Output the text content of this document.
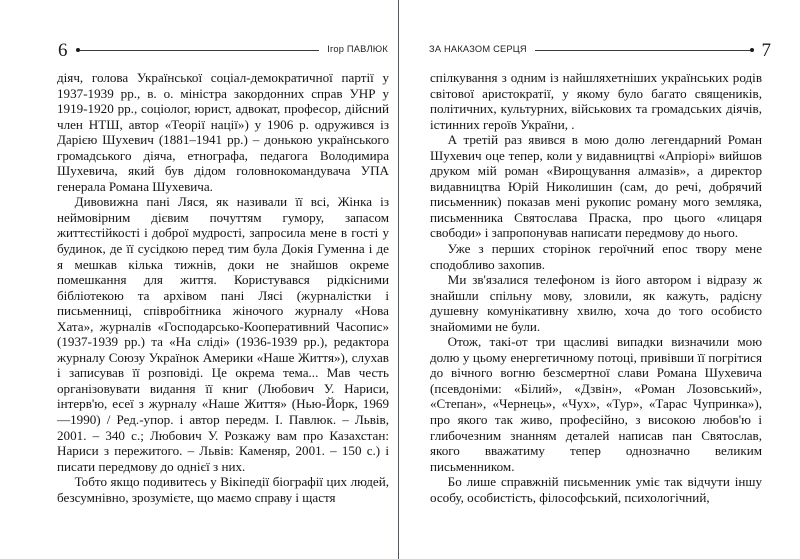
6	Ігор ПАВЛЮК

діяч, голова Української соціал-демократичної партії у 1937-1939 рр., в. о. міністра закордонних справ УНР у 1919-1920 рр., соціолог, юрист, адвокат, професор, дійсний член НТШ, автор «Теорії нації») у 1906 р. одружився із Дарією Шухевич (1881–1941 рр.) – донькою українського громадського діяча, етнографа, педагога Володимира Шухевича, який був дідом головнокомандувача УПА генерала Романа Шухевича.

Дивовижна пані Ляся, як називали її всі, Жінка із неймовірним дієвим почуттям гумору, запасом життєстійкості і доброї мудрості, запросила мене в гості у будинок, де її сусідкою перед тим була Докія Гуменна і де я мешкав кілька тижнів, доки не знайшов окреме помешкання для життя. Користувався рідкісними бібліотекою та архівом пані Лясі (журналістки і письменниці, співробітника жіночого журналу «Нова Хата», журналів «Господарсько-Кооперативний Часопис» (1937-1939 рр.) та «На сліді» (1936-1939 рр.), редактора журналу Союзу Українок Америки «Наше Життя»), слухав і записував її розповіді. Це окрема тема... Мав честь організовувати видання її книг (Любович У. Нариси, інтерв'ю, есеї з журналу «Наше Життя» (Нью-Йорк, 1969—1990) / Ред.-упор. і автор передм. І. Павлюк. – Львів, 2001. – 340 с.; Любович У. Розкажу вам про Казахстан: Нариси з пережитого. – Львів: Каменяр, 2001. – 150 с.) і писати передмову до однієї з них.

Тобто якщо подивитесь у Вікіпедії біографії цих людей, безсумнівно, зрозумієте, що маємо справу і щастя

ЗА НАКАЗОМ СЕРЦЯ	7

спілкування з одним із найшляхетніших українських родів світової аристократії, у якому було багато священиків, політичних, культурних, військових та громадських діячів, істинних героїв України, .

А третій раз явився в мою долю легендарний Роман Шухевич оце тепер, коли у видавництві «Апріорі» вийшов друком мій роман «Вирощування алмазів», а директор видавництва Юрій Николишин (сам, до речі, добрячий письменник) показав мені рукопис роману мого земляка, письменника Святослава Праска, про цього «лицаря свободи» і запропонував написати передмову до нього.

Уже з перших сторінок героїчний епос твору мене сподобливо захопив.

Ми зв'язалися телефоном із його автором і відразу ж знайшли спільну мову, зловили, як кажуть, радісну душевну комунікативну хвилю, хоча до того особисто знайомими не були.

Отож, такі-от три щасливі випадки визначили мою долю у цьому енергетичному потоці, привівши її погрітися до вічного вогню безсмертної слави Романа Шухевича (псевдоніми: «Білий», «Дзвін», «Роман Лозовський», «Степан», «Чернець», «Чух», «Тур», «Тарас Чупринка»), про якого так живо, професійно, з високою любов'ю і глибочезним знанням деталей написав пан Святослав, якого вважатиму тепер однозначно великим письменником.

Бо лише справжній письменник уміє так відчути іншу особу, особистість, філософський, психологічний,
